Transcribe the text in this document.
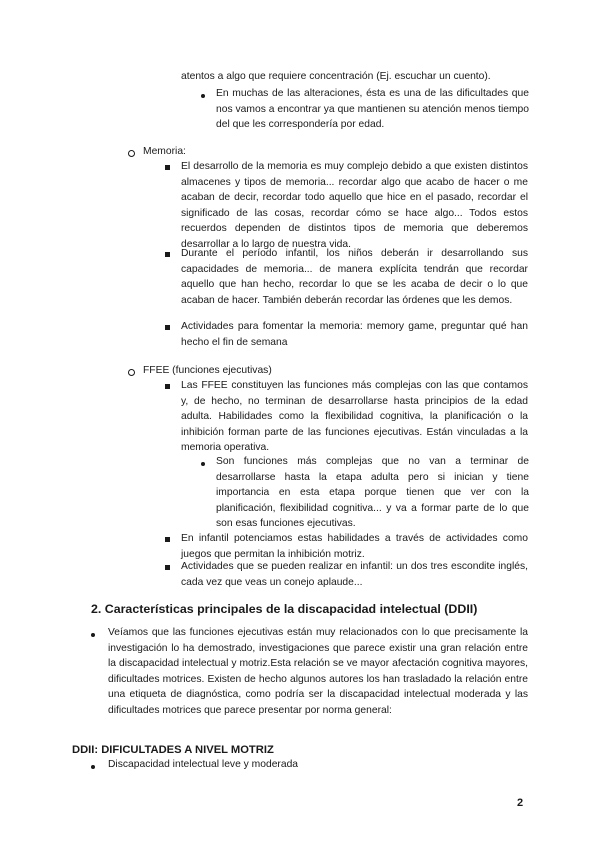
atentos a algo que requiere concentración (Ej. escuchar un cuento).

En muchas de las alteraciones, ésta es una de las dificultades que nos vamos a encontrar ya que mantienen su atención menos tiempo del que les correspondería por edad.

Memoria:

El desarrollo de la memoria es muy complejo debido a que existen distintos almacenes y tipos de memoria... recordar algo que acabo de hacer o me acaban de decir, recordar todo aquello que hice en el pasado, recordar el significado de las cosas, recordar cómo se hace algo... Todos estos recuerdos dependen de distintos tipos de memoria que deberemos desarrollar a lo largo de nuestra vida.

Durante el período infantil, los niños deberán ir desarrollando sus capacidades de memoria... de manera explícita tendrán que recordar aquello que han hecho, recordar lo que se les acaba de decir o lo que acaban de hacer. También deberán recordar las órdenes que les demos.

Actividades para fomentar la memoria: memory game, preguntar qué han hecho el fin de semana

FFEE (funciones ejecutivas)

Las FFEE constituyen las funciones más complejas con las que contamos y, de hecho, no terminan de desarrollarse hasta principios de la edad adulta. Habilidades como la flexibilidad cognitiva, la planificación o la inhibición forman parte de las funciones ejecutivas. Están vinculadas a la memoria operativa.

Son funciones más complejas que no van a terminar de desarrollarse hasta la etapa adulta pero si inician y tiene importancia en esta etapa porque tienen que ver con la planificación, flexibilidad cognitiva... y va a formar parte de lo que son esas funciones ejecutivas.

En infantil potenciamos estas habilidades a través de actividades como juegos que permitan la inhibición motriz.

Actividades que se pueden realizar en infantil: un dos tres escondite inglés, cada vez que veas un conejo aplaude...

2. Características principales de la discapacidad intelectual (DDII)

Veíamos que las funciones ejecutivas están muy relacionados con lo que precisamente la investigación lo ha demostrado, investigaciones que parece existir una gran relación entre la discapacidad intelectual y motriz.Esta relación se ve mayor afectación cognitiva mayores, dificultades motrices. Existen de hecho algunos autores los han trasladado la relación entre una etiqueta de diagnóstica, como podría ser la discapacidad intelectual moderada y las dificultades motrices que parece presentar por norma general:

DDII: DIFICULTADES A NIVEL MOTRIZ

Discapacidad intelectual leve y moderada

2
